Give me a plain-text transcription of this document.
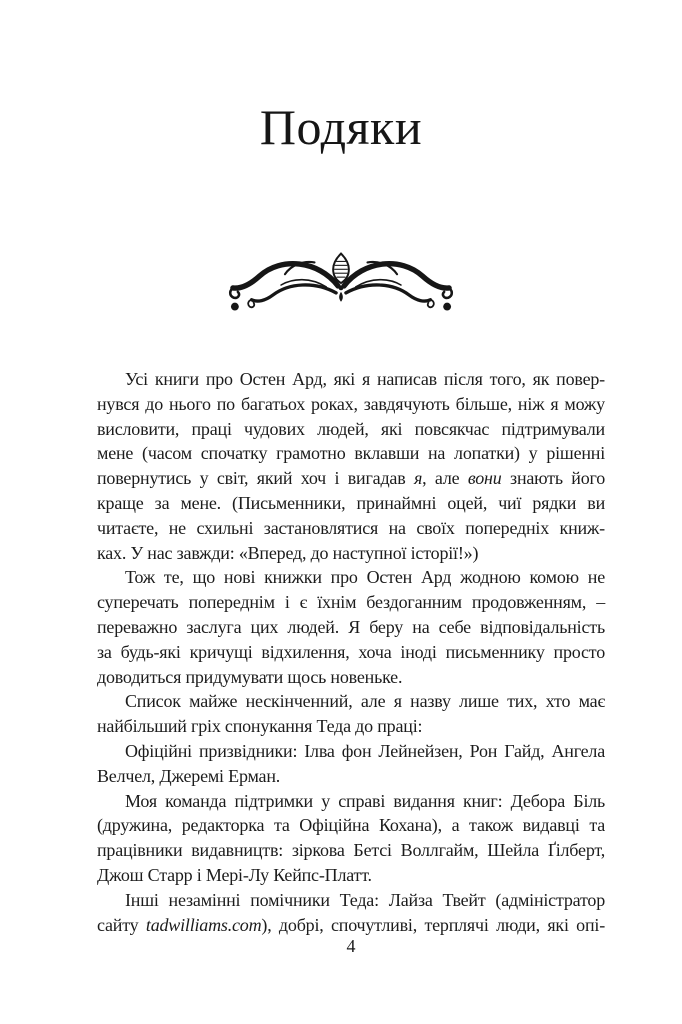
Подяки
Усі книги про Остен Ард, які я написав після того, як повер-
нувся до нього по багатьох роках, завдячують більше, ніж я можу
висловити, праці чудових людей, які повсякчас підтримували
мене (часом спочатку грамотно вклавши на лопатки) у рішенні
повернутись у світ, який хоч і вигадав я, але вони знають його
краще за мене. (Письменники, принаймні оцей, чиї рядки ви
читаєте, не схильні застановлятися на своїх попередніх книж-
ках. У нас завжди: «Вперед, до наступної історії!»)
Тож те, що нові книжки про Остен Ард жодною комою не
суперечать попереднім і є їхнім бездоганним продовженням, –
переважно заслуга цих людей. Я беру на себе відповідальність
за будь-які кричущі відхилення, хоча іноді письменнику просто
доводиться придумувати щось новеньке.
Список майже нескінченний, але я назву лише тих, хто має
найбільший гріх спонукання Теда до праці:
Офіційні призвідники: Ілва фон Лейнейзен, Рон Гайд, Ангела
Велчел, Джеремі Ерман.
Моя команда підтримки у справі видання книг: Дебора Біль
(дружина, редакторка та Офіційна Кохана), а також видавці та
працівники видавництв: зіркова Бетсі Воллгайм, Шейла Ґілберт,
Джош Старр і Мері-Лу Кейпс-Платт.
Інші незамінні помічники Теда: Лайза Твейт (адміністратор
сайту tadwilliams.com), добрі, спочутливі, терплячі люди, які опі-
4
